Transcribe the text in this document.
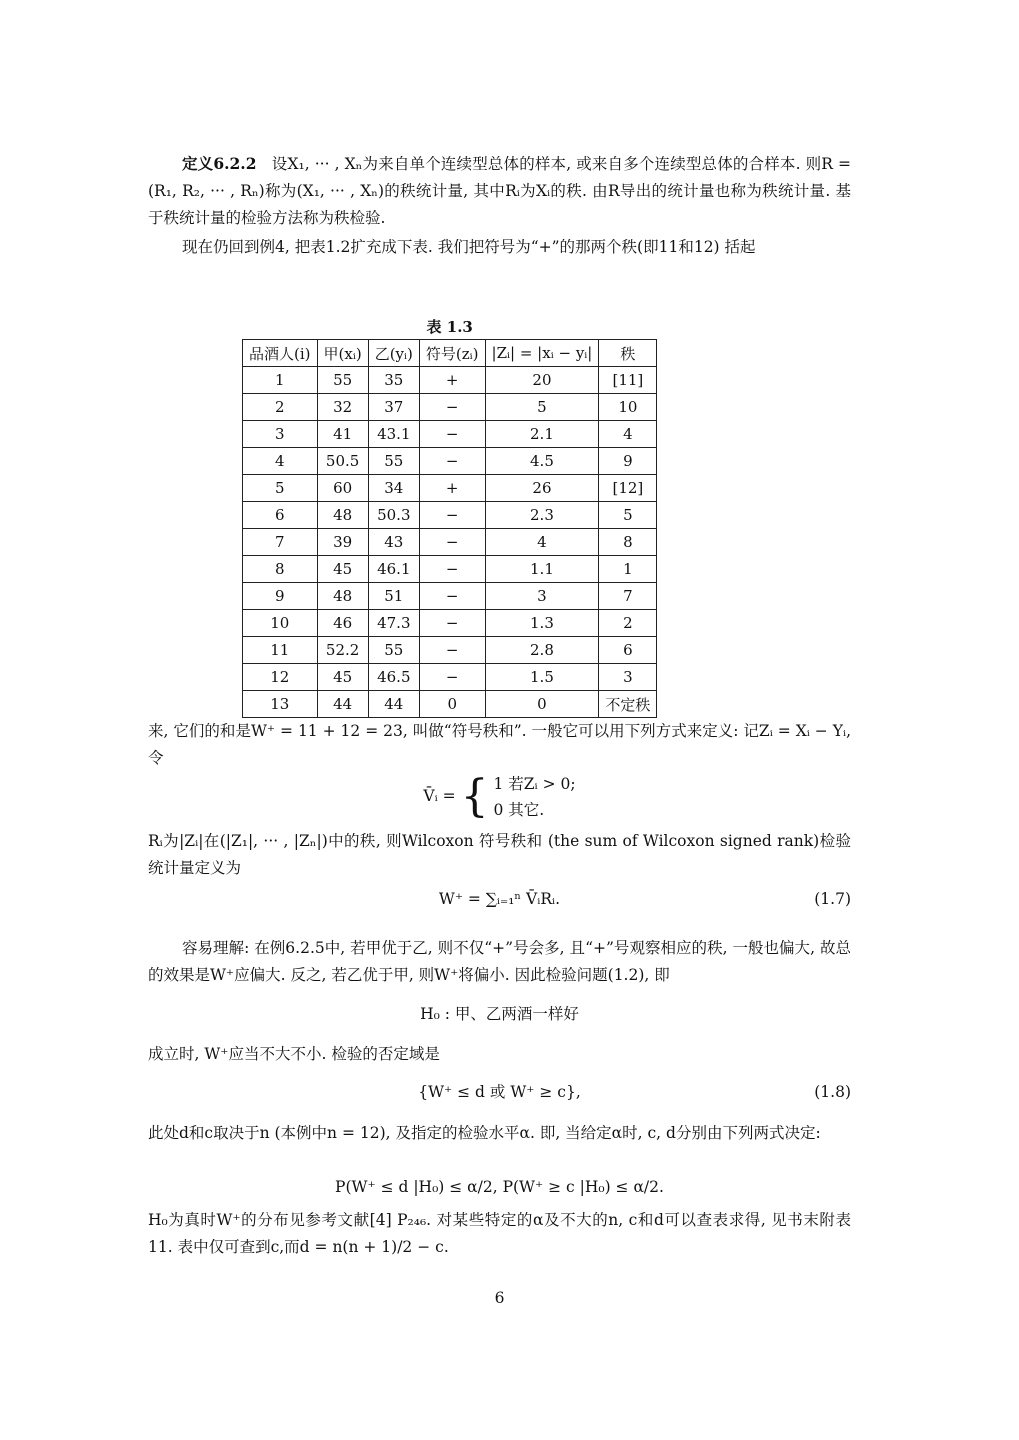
定义6.2.2 设X₁, ··· , Xₙ为来自单个连续型总体的样本, 或来自多个连续型总体的合样本. 则R = (R₁, R₂, ··· , Rₙ)称为(X₁, ··· , Xₙ)的秩统计量, 其中Rᵢ为Xᵢ的秩. 由R导出的统计量也称为秩统计量. 基于秩统计量的检验方法称为秩检验.
现在仍回到例4, 把表1.2扩充成下表. 我们把符号为“+”的那两个秩(即11和12) 括起
表 1.3
品酒人(i)	甲(xᵢ)	乙(yᵢ)	符号(zᵢ)	|Zᵢ| = |xᵢ − yᵢ|	秩
1	55	35	+	20	[11]
2	32	37	−	5	10
3	41	43.1	−	2.1	4
4	50.5	55	−	4.5	9
5	60	34	+	26	[12]
6	48	50.3	−	2.3	5
7	39	43	−	4	8
8	45	46.1	−	1.1	1
9	48	51	−	3	7
10	46	47.3	−	1.3	2
11	52.2	55	−	2.8	6
12	45	46.5	−	1.5	3
13	44	44	0	0	不定秩
来, 它们的和是W⁺ = 11 + 12 = 23, 叫做“符号秩和”. 一般它可以用下列方式来定义: 记Zᵢ = Xᵢ − Yᵢ, 令
V̄ᵢ = { 1 若Zᵢ > 0;
0 其它.
Rᵢ为|Zᵢ|在(|Z₁|, ··· , |Zₙ|)中的秩, 则Wilcoxon 符号秩和 (the sum of Wilcoxon signed rank)检验统计量定义为
W⁺ = ∑ᵢ₌₁ⁿ V̄ᵢRᵢ.	(1.7)
容易理解: 在例6.2.5中, 若甲优于乙, 则不仅“+”号会多, 且“+”号观察相应的秩, 一般也偏大, 故总的效果是W⁺应偏大. 反之, 若乙优于甲, 则W⁺将偏小. 因此检验问题(1.2), 即
H₀ : 甲、乙两酒一样好
成立时, W⁺应当不大不小. 检验的否定域是
{W⁺ ≤ d 或 W⁺ ≥ c},	(1.8)
此处d和c取决于n (本例中n = 12), 及指定的检验水平α. 即, 当给定α时, c, d分别由下列两式决定:
P(W⁺ ≤ d |H₀) ≤ α/2, P(W⁺ ≥ c |H₀) ≤ α/2.
H₀为真时W⁺的分布见参考文献[4] P₂₄₆. 对某些特定的α及不大的n, c和d可以查表求得, 见书末附表11. 表中仅可查到c,而d = n(n + 1)/2 − c.
6
